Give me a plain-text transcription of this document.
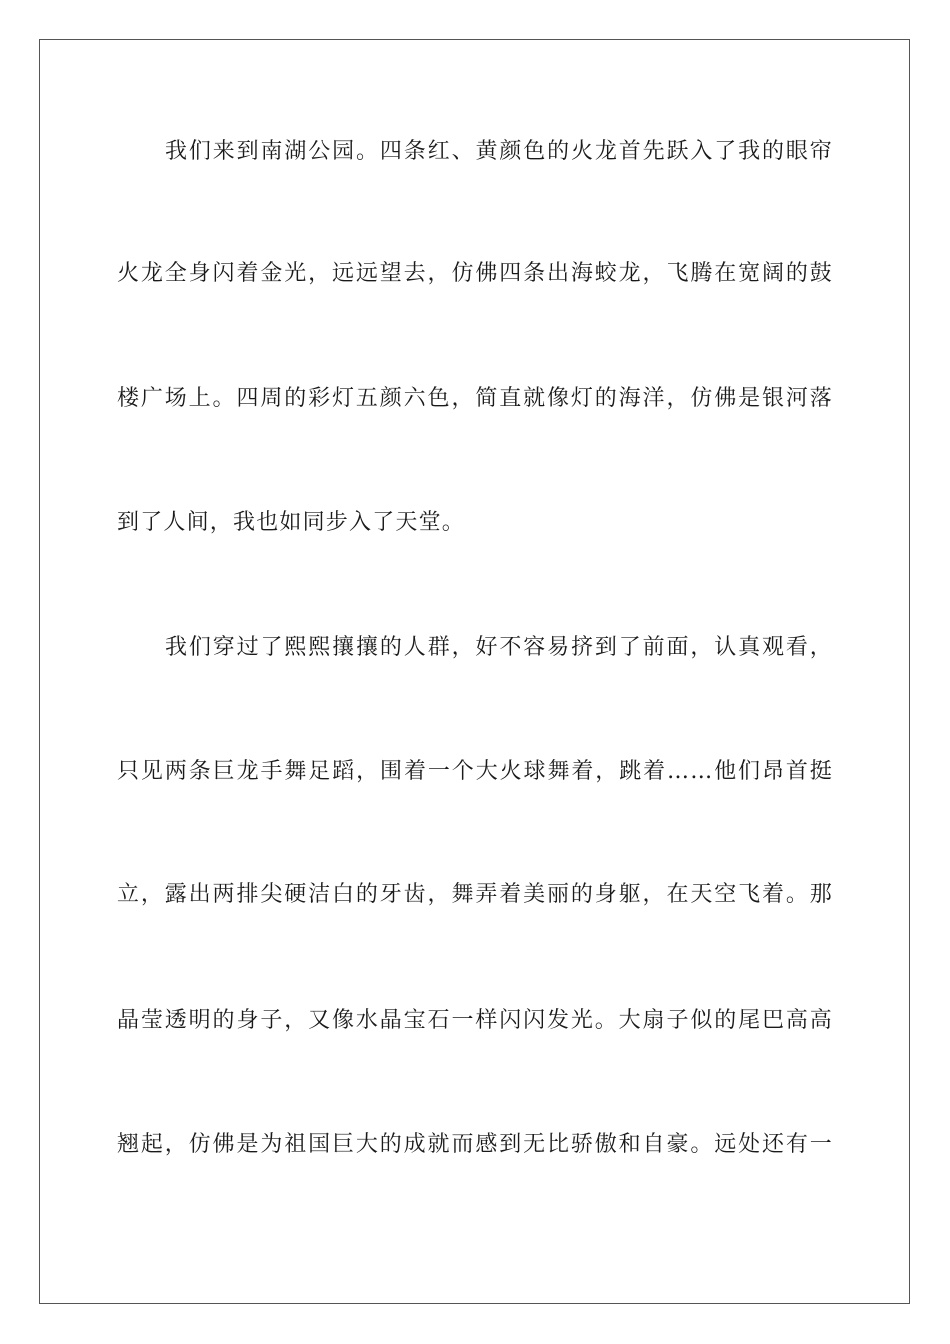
我们来到南湖公园。四条红、黄颜色的火龙首先跃入了我的眼帘
火龙全身闪着金光，远远望去，仿佛四条出海蛟龙，飞腾在宽阔的鼓
楼广场上。四周的彩灯五颜六色，简直就像灯的海洋，仿佛是银河落
到了人间，我也如同步入了天堂。
我们穿过了熙熙攘攘的人群，好不容易挤到了前面，认真观看，
只见两条巨龙手舞足蹈，围着一个大火球舞着，跳着……他们昂首挺
立，露出两排尖硬洁白的牙齿，舞弄着美丽的身躯，在天空飞着。那
晶莹透明的身子，又像水晶宝石一样闪闪发光。大扇子似的尾巴高高
翘起，仿佛是为祖国巨大的成就而感到无比骄傲和自豪。远处还有一
